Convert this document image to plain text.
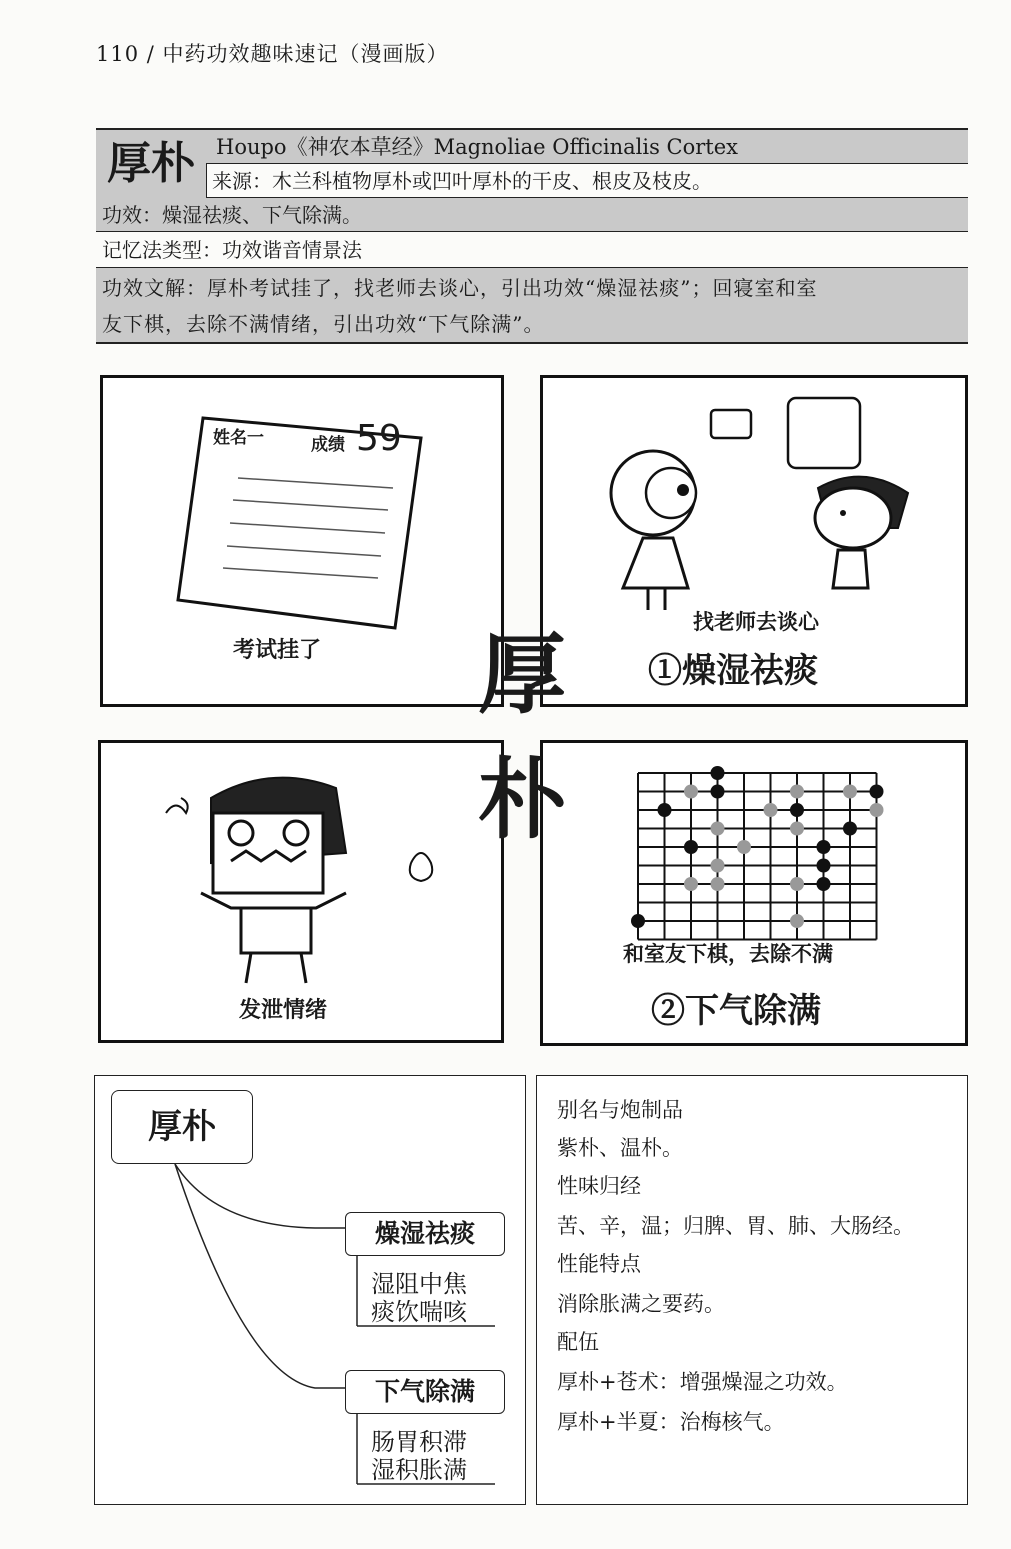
110 / 中药功效趣味速记（漫画版）
厚朴	Houpo《神农本草经》Magnoliae Officinalis Cortex
来源：木兰科植物厚朴或凹叶厚朴的干皮、根皮及枝皮。
功效：燥湿祛痰、下气除满。
记忆法类型：功效谐音情景法
功效文解：厚朴考试挂了，找老师去谈心，引出功效“燥湿祛痰”；回寝室和室
友下棋，去除不满情绪，引出功效“下气除满”。
姓名一	成绩 59
考试挂了
找老师去谈心
①燥湿祛痰
发泄情绪
和室友下棋，去除不满
②下气除满
厚
朴
厚朴
燥湿祛痰
湿阻中焦
痰饮喘咳
下气除满
肠胃积滞
湿积胀满
别名与炮制品
紫朴、温朴。
性味归经
苦、辛，温；归脾、胃、肺、大肠经。
性能特点
消除胀满之要药。
配伍
厚朴+苍术：增强燥湿之功效。
厚朴+半夏：治梅核气。
